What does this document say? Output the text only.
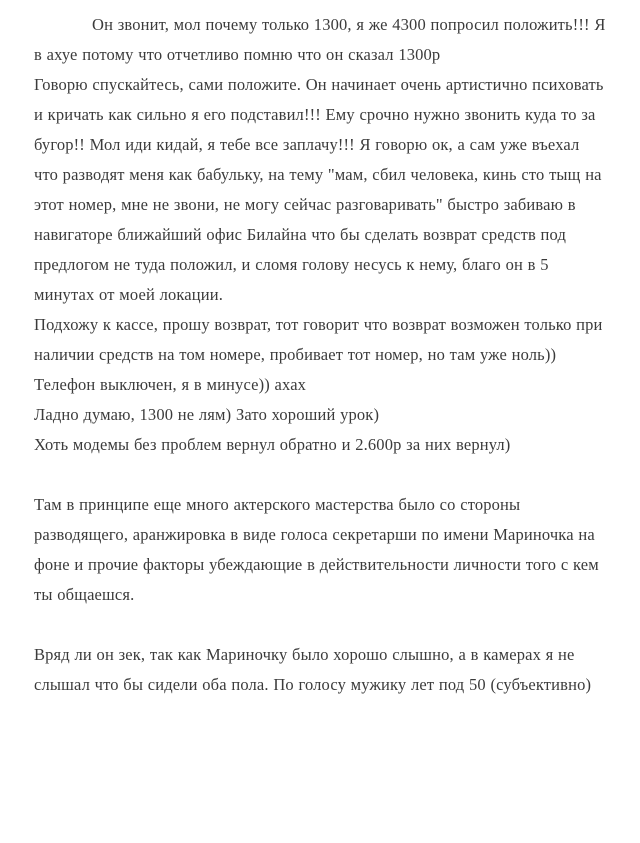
Он звонит, мол почему только 1300, я же 4300 попросил положить!!! Я в ахуе потому что отчетливо помню что он сказал 1300р

Говорю спускайтесь, сами положите. Он начинает очень артистично психовать и кричать как сильно я его подставил!!! Ему срочно нужно звонить куда то за бугор!! Мол иди кидай, я тебе все заплачу!!! Я говорю ок, а сам уже въехал что разводят меня как бабульку, на тему "мам, сбил человека, кинь сто тыщ на этот номер, мне не звони, не могу сейчас разговаривать" быстро забиваю в навигаторе ближайший офис Билайна что бы сделать возврат средств под предлогом не туда положил, и сломя голову несусь к нему, благо он в 5 минутах от моей локации.

Подхожу к кассе, прошу возврат, тот говорит что возврат возможен только при наличии средств на том номере, пробивает тот номер, но там уже ноль))

Телефон выключен, я в минусе)) ахах

Ладно думаю, 1300 не лям) Зато хороший урок)

Хоть модемы без проблем вернул обратно и 2.600р за них вернул)

Там в принципе еще много актерского мастерства было со стороны разводящего, аранжировка в виде голоса секретарши по имени Мариночка на фоне и прочие факторы убеждающие в действительности личности того с кем ты общаешся.

Вряд ли он зек, так как Мариночку было хорошо слышно, а в камерах я не слышал что бы сидели оба пола. По голосу мужику лет под 50 (субъективно)
